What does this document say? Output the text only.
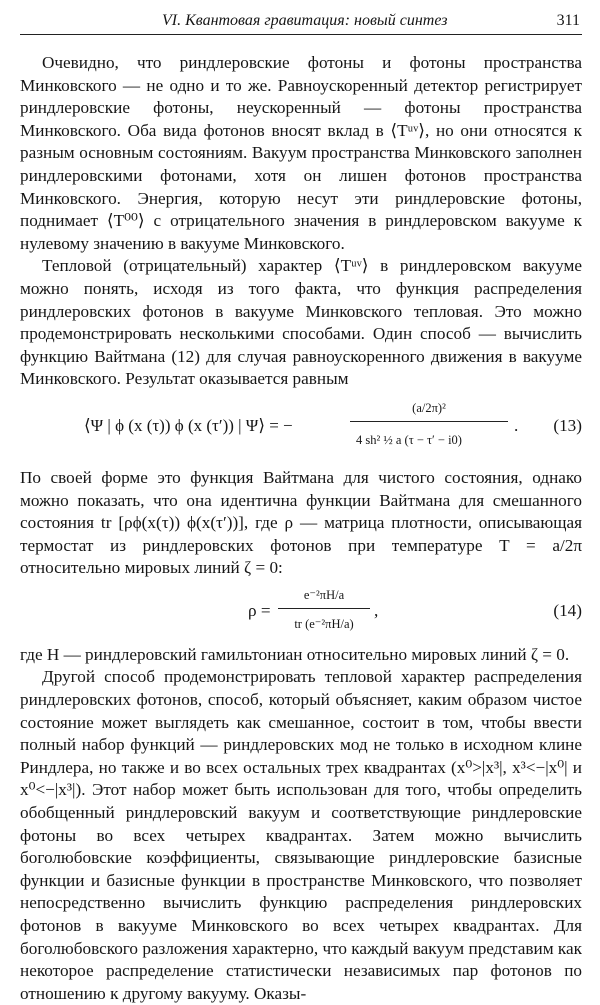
VI. Квантовая гравитация: новый синтез	311

Очевидно, что риндлеровские фотоны и фотоны пространства Минковского — не одно и то же. Равноускоренный детектор регистрирует риндлеровские фотоны, неускоренный — фотоны пространства Минковского. Оба вида фотонов вносят вклад в ⟨Tᵘᵛ⟩, но они относятся к разным основным состояниям. Вакуум пространства Минковского заполнен риндлеровскими фотонами, хотя он лишен фотонов пространства Минковского. Энергия, которую несут эти риндлеровские фотоны, поднимает ⟨T⁰⁰⟩ с отрицательного значения в риндлеровском вакууме к нулевому значению в вакууме Минковского.

Тепловой (отрицательный) характер ⟨Tᵘᵛ⟩ в риндлеровском вакууме можно понять, исходя из того факта, что функция распределения риндлеровских фотонов в вакууме Минковского тепловая. Это можно продемонстрировать несколькими способами. Один способ — вычислить функцию Вайтмана (12) для случая равноускоренного движения в вакууме Минковского. Результат оказывается равным

⟨Ψ | ϕ (x (τ)) ϕ (x (τ′)) | Ψ⟩ = −
(a/2π)²
4 sh² ½ a (τ − τ′ − i0)
. (13)

По своей форме это функция Вайтмана для чистого состояния, однако можно показать, что она идентична функции Вайтмана для смешанного состояния tr [ρϕ(x(τ)) ϕ(x(τ′))], где ρ — матрица плотности, описывающая термостат из риндлеровских фотонов при температуре T = a/2π относительно мировых линий ζ = 0:

ρ =
e⁻²πH/a
tr (e⁻²πH/a)
,	(14)

где H — риндлеровский гамильтониан относительно мировых линий ζ = 0.

Другой способ продемонстрировать тепловой характер распределения риндлеровских фотонов, способ, который объясняет, каким образом чистое состояние может выглядеть как смешанное, состоит в том, чтобы ввести полный набор функций — риндлеровских мод не только в исходном клине Риндлера, но также и во всех остальных трех квадрантах (x⁰>|x³|, x³<−|x⁰| и x⁰<−|x³|). Этот набор может быть использован для того, чтобы определить обобщенный риндлеровский вакуум и соответствующие риндлеровские фотоны во всех четырех квадрантах. Затем можно вычислить боголюбовские коэффициенты, связывающие риндлеровские базисные функции и базисные функции в пространстве Минковского, что позволяет непосредственно вычислить функцию распределения риндлеровских фотонов в вакууме Минковского во всех четырех квадрантах. Для боголюбовского разложения характерно, что каждый вакуум представим как некоторое распределение статистически независимых пар фотонов по отношению к другому вакууму. Оказы-
